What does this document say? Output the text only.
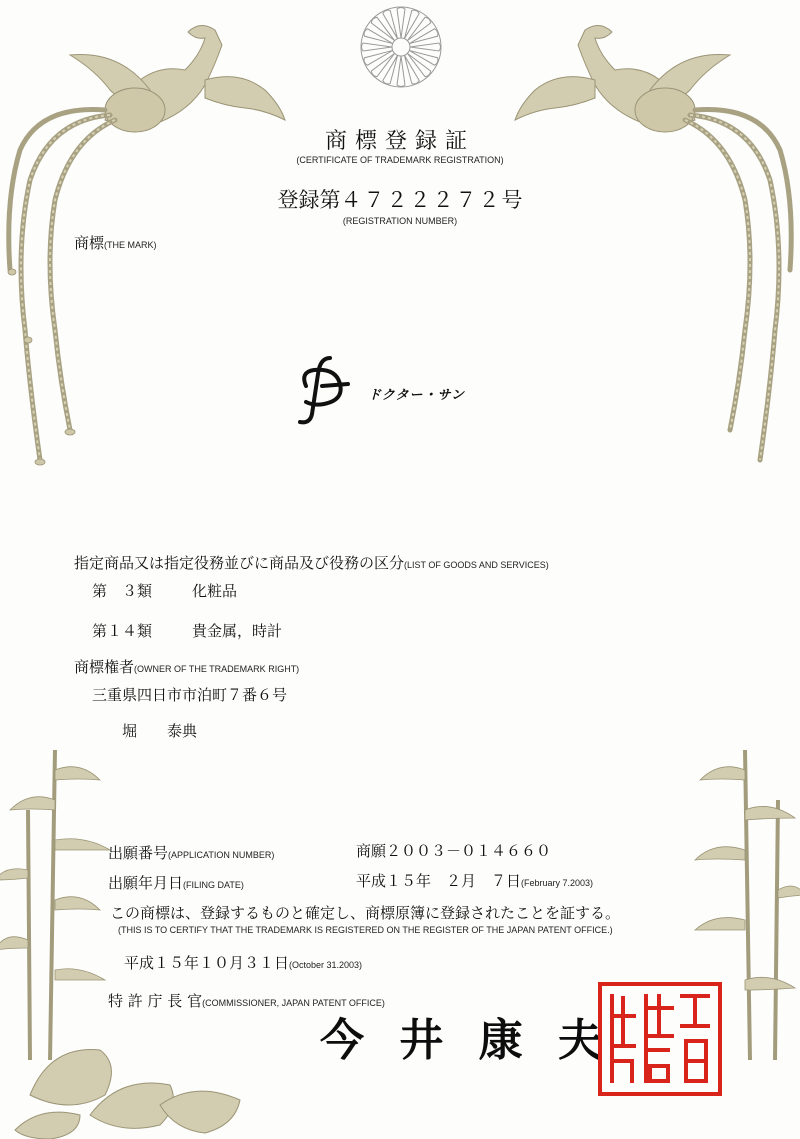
商標登録証
(CERTIFICATE OF TRADEMARK REGISTRATION)
登録第４７２２２７２号
(REGISTRATION NUMBER)
商標(THE MARK)
ドクター・サン
指定商品又は指定役務並びに商品及び役務の区分(LIST OF GOODS AND SERVICES)
第　３類	化粧品
第１４類	貴金属，時計
商標権者(OWNER OF THE TRADEMARK RIGHT)
三重県四日市市泊町７番６号
堀　　泰典
出願番号(APPLICATION NUMBER)	商願２００３－０１４６６０
出願年月日(FILING DATE)	平成１５年　２月　７日(February 7.2003)
この商標は、登録するものと確定し、商標原簿に登録されたことを証する。
(THIS IS TO CERTIFY THAT THE TRADEMARK IS REGISTERED ON THE REGISTER OF THE JAPAN PATENT OFFICE.)
平成１５年１０月３１日(October 31.2003)
特 許 庁 長 官(COMMISSIONER, JAPAN PATENT OFFICE)
今 井 康 夫
